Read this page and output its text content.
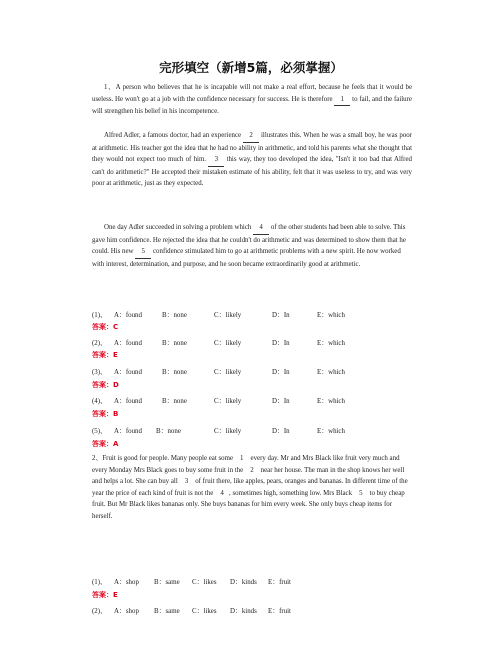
完形填空（新增5篇，必须掌握）

1、A person who believes that he is incapable will not make a real effort, because he feels that it would be useless. He won't go at a job with the confidence necessary for success. He is therefore 1 to fail, and the failure will strengthen his belief in his incompetence.

Alfred Adler, a famous doctor, had an experience 2 illustrates this. When he was a small boy, he was poor at arithmetic. His teacher got the idea that he had no ability in arithmetic, and told his parents what she thought that they would not expect too much of him. 3 this way, they too developed the idea, "Isn't it too bad that Alfred can't do arithmetic?" He accepted their mistaken estimate of his ability, felt that it was useless to try, and was very poor at arithmetic, just as they expected.

One day Adler succeeded in solving a problem which 4 of the other students had been able to solve. This gave him confidence. He rejected the idea that he couldn't do arithmetic and was determined to show them that he could. His new 5 confidence stimulated him to go at arithmetic problems with a new spirit. He now worked with interest, determination, and purpose, and he soon became extraordinarily good at arithmetic.

(1)、 A：found	B：none	C：likely	D：In	E：which
答案：C
(2)、 A：found	B：none	C：likely	D：In	E：which
答案：E
(3)、 A：found	B：none	C：likely	D：In	E：which
答案：D
(4)、 A：found	B：none	C：likely	D：In	E：which
答案：B
(5)、 A：found B：none	C：likely	D：In	E：which
答案：A

2、Fruit is good for people. Many people eat some 1 every day. Mr and Mrs Black like fruit very much and every Monday Mrs Black goes to buy some fruit in the 2 near her house. The man in the shop knows her well and helps a lot. She can buy all 3 of fruit there, like apples, pears, oranges and bananas. In different time of the year the price of each kind of fruit is not the 4 , sometimes high, something low. Mrs Black 5 to buy cheap fruit. But Mr Black likes bananas only. She buys bananas for him every week. She only buys cheap items for herself.

(1)、 A：shop B：same C：likes D：kinds E：fruit
答案：E
(2)、 A：shop B：same C：likes D：kinds E：fruit
